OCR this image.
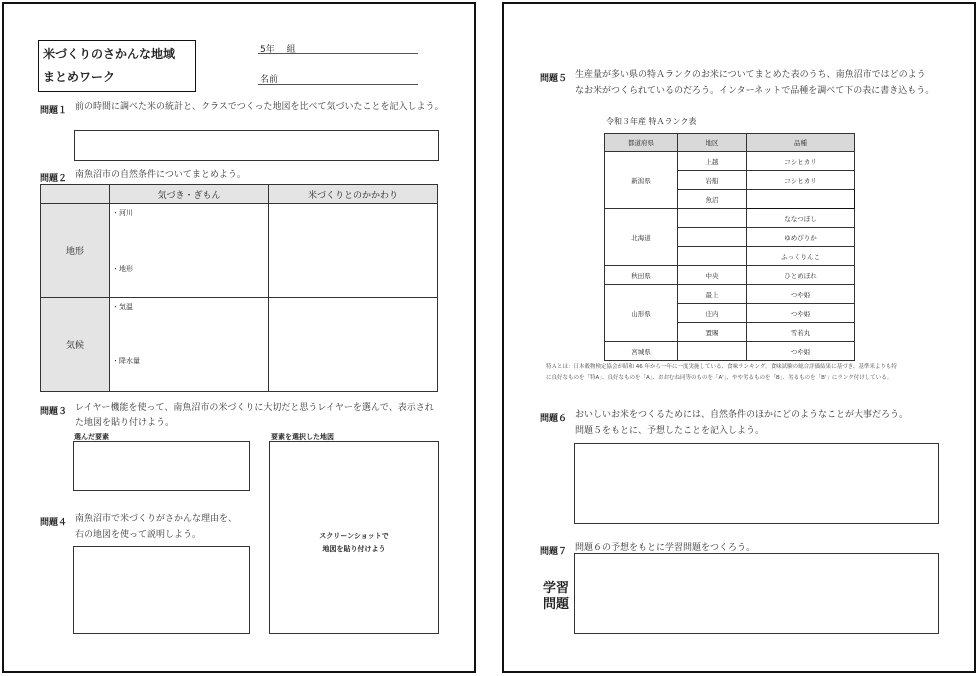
米づくりのさかんな地域
まとめワーク
5年　 組
名前
問題１ 前の時間に調べた米の統計と、クラスでつくった地図を比べて気づいたことを記入しよう。
問題２ 南魚沼市の自然条件についてまとめよう。
	気づき・ぎもん	米づくりとのかかわり
地形	・河川
・地形	

気候	・気温
・降水量	

問題３ レイヤー機能を使って、南魚沼市の米づくりに大切だと思うレイヤーを選んで、表示され
た地図を貼り付けよう。
選んだ要素	要素を選択した地図
スクリーンショットで
地図を貼り付けよう
問題４ 南魚沼市で米づくりがさかんな理由を、
右の地図を使って説明しよう。
問題５ 生産量が多い県の特Ａランクのお米についてまとめた表のうち、南魚沼市ではどのよう
なお米がつくられているのだろう。インターネットで品種を調べて下の表に書き込もう。
令和３年産 特Ａランク表
都道府県	地区	品種
新潟県	上越	コシヒカリ
	岩船	コシヒカリ
	魚沼	
北海道		ななつぼし
		ゆめぴりか
		ふっくりんこ
秋田県	中央	ひとめぼれ
山形県	最上	つや姫
	庄内	つや姫
	置賜	雪若丸
宮城県		つや姫
特Ａとは：日本穀物検定協会が昭和 46 年から一年に一度実施している、食味ランキング。食味試験の総合評価結果に基づき、基準米よりも特
に良好なものを「特A」、良好なものを「A」、おおむね同等のものを「A'」、やや劣るものを「B」、劣るものを「B'」にランク付けしている。
問題６ おいしいお米をつくるためには、自然条件のほかにどのようなことが大事だろう。
問題５をもとに、予想したことを記入しよう。
問題７ 問題６の予想をもとに学習問題をつくろう。
学習
問題
